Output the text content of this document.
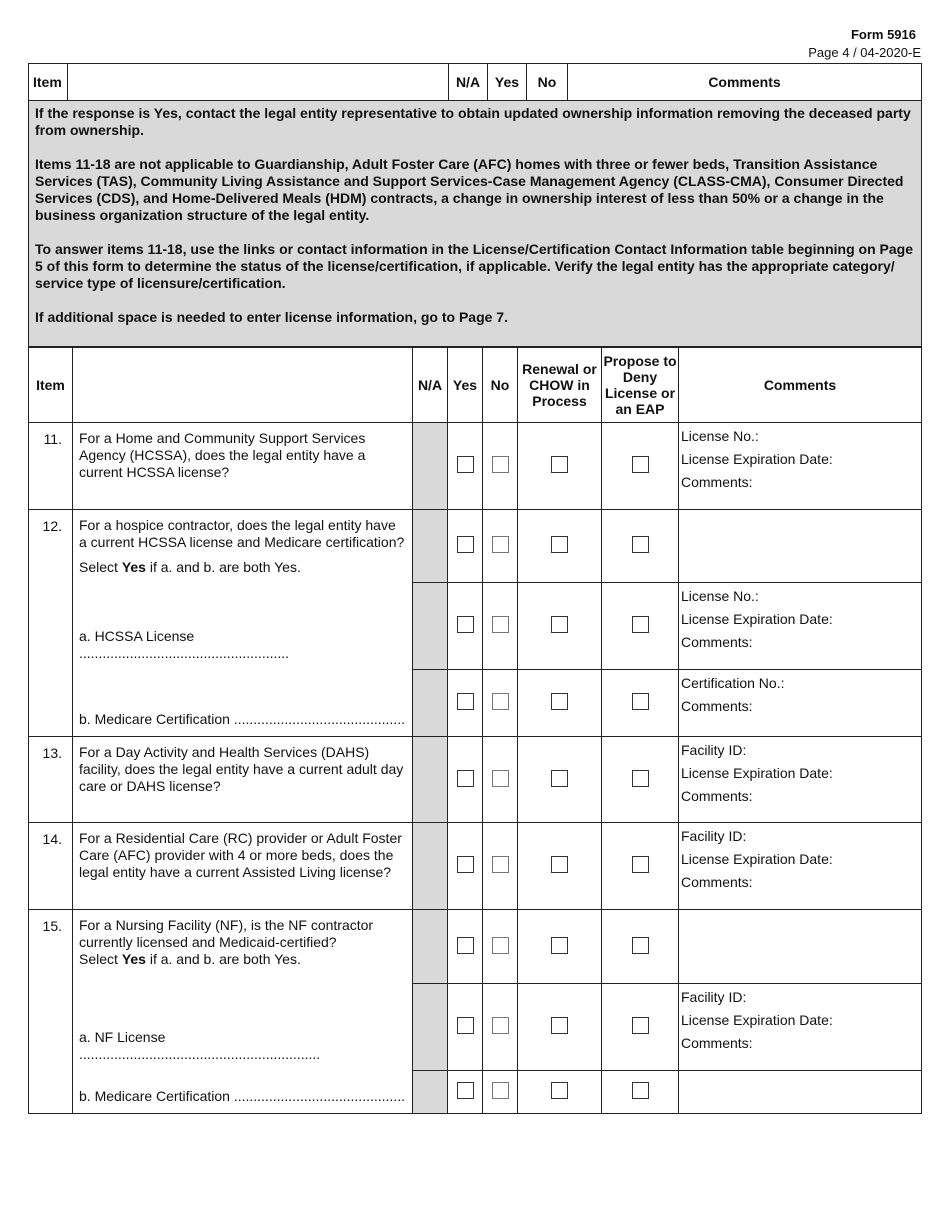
Form 5916
Page 4 / 04-2020-E
Item		N/A	Yes	No	Comments

If the response is Yes, contact the legal entity representative to obtain updated ownership information removing the deceased party from ownership.

Items 11-18 are not applicable to Guardianship, Adult Foster Care (AFC) homes with three or fewer beds, Transition Assistance Services (TAS), Community Living Assistance and Support Services-Case Management Agency (CLASS-CMA), Consumer Directed Services (CDS), and Home-Delivered Meals (HDM) contracts, a change in ownership interest of less than 50% or a change in the business organization structure of the legal entity.

To answer items 11-18, use the links or contact information in the License/Certification Contact Information table beginning on Page 5 of this form to determine the status of the license/certification, if applicable. Verify the legal entity has the appropriate category/ service type of licensure/certification.

If additional space is needed to enter license information, go to Page 7.

Item		N/A	Yes	No	Renewal or CHOW in Process	Propose to Deny License or an EAP	Comments
11.	For a Home and Community Support Services Agency (HCSSA), does the legal entity have a current HCSSA license?						License No.:
License Expiration Date:
Comments:

12.	For a hospice contractor, does the legal entity have a current HCSSA license and Medicare certification?

Select Yes if a. and b. are both Yes.						

	a. HCSSA License ......................................................						License No.:
License Expiration Date:
Comments:

	b. Medicare Certification ............................................						Certification No.:
Comments:

13.	For a Day Activity and Health Services (DAHS) facility, does the legal entity have a current adult day care or DAHS license?						Facility ID:
License Expiration Date:
Comments:

14.	For a Residential Care (RC) provider or Adult Foster Care (AFC) provider with 4 or more beds, does the legal entity have a current Assisted Living license?						Facility ID:
License Expiration Date:
Comments:

15.	For a Nursing Facility (NF), is the NF contractor currently licensed and Medicaid-certified?

Select Yes if a. and b. are both Yes.						

	a. NF License ..............................................................						Facility ID:
License Expiration Date:
Comments:

	b. Medicare Certification ............................................						
